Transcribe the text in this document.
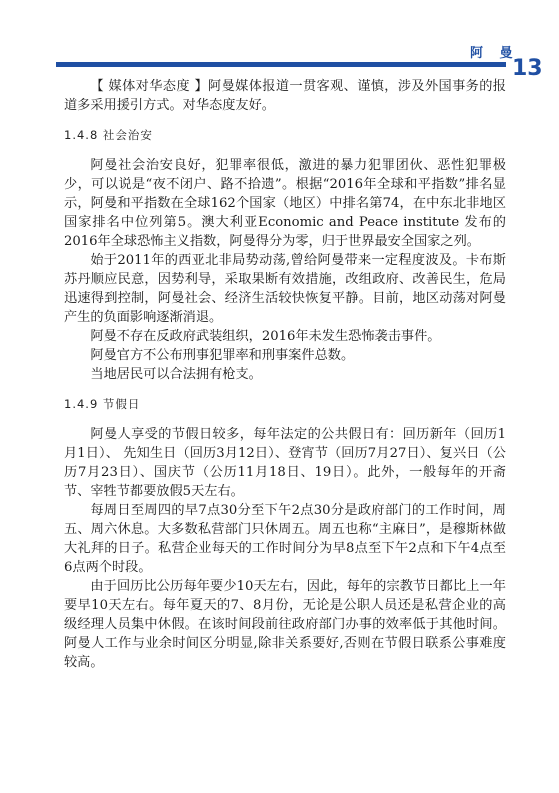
阿 曼
13

【 媒体对华态度 】阿曼媒体报道一贯客观、谨慎，涉及外国事务的报道多采用援引方式。对华态度友好。

1.4.8 社会治安

阿曼社会治安良好，犯罪率很低，激进的暴力犯罪团伙、恶性犯罪极少，可以说是“夜不闭户、路不拾遗”。根据“2016年全球和平指数”排名显示，阿曼和平指数在全球162个国家（地区）中排名第74，在中东北非地区国家排名中位列第5。澳大利亚Economic and Peace institute 发布的2016年全球恐怖主义指数，阿曼得分为零，归于世界最安全国家之列。

始于2011年的西亚北非局势动荡,曾给阿曼带来一定程度波及。卡布斯苏丹顺应民意，因势利导，采取果断有效措施，改组政府、改善民生，危局迅速得到控制，阿曼社会、经济生活较快恢复平静。目前，地区动荡对阿曼产生的负面影响逐渐消退。

阿曼不存在反政府武装组织，2016年未发生恐怖袭击事件。

阿曼官方不公布刑事犯罪率和刑事案件总数。

当地居民可以合法拥有枪支。

1.4.9 节假日

阿曼人享受的节假日较多，每年法定的公共假日有：回历新年（回历1月1日）、 先知生日（回历3月12日）、登宵节（回历7月27日）、复兴日（公历7月23日）、国庆节（公历11月18日、19日）。此外，一般每年的开斋节、宰牲节都要放假5天左右。

每周日至周四的早7点30分至下午2点30分是政府部门的工作时间，周五、周六休息。大多数私营部门只休周五。周五也称“主麻日”，是穆斯林做大礼拜的日子。私营企业每天的工作时间分为早8点至下午2点和下午4点至6点两个时段。

由于回历比公历每年要少10天左右，因此，每年的宗教节日都比上一年要早10天左右。每年夏天的7、8月份，无论是公职人员还是私营企业的高级经理人员集中休假。在该时间段前往政府部门办事的效率低于其他时间。阿曼人工作与业余时间区分明显,除非关系要好,否则在节假日联系公事难度较高。
